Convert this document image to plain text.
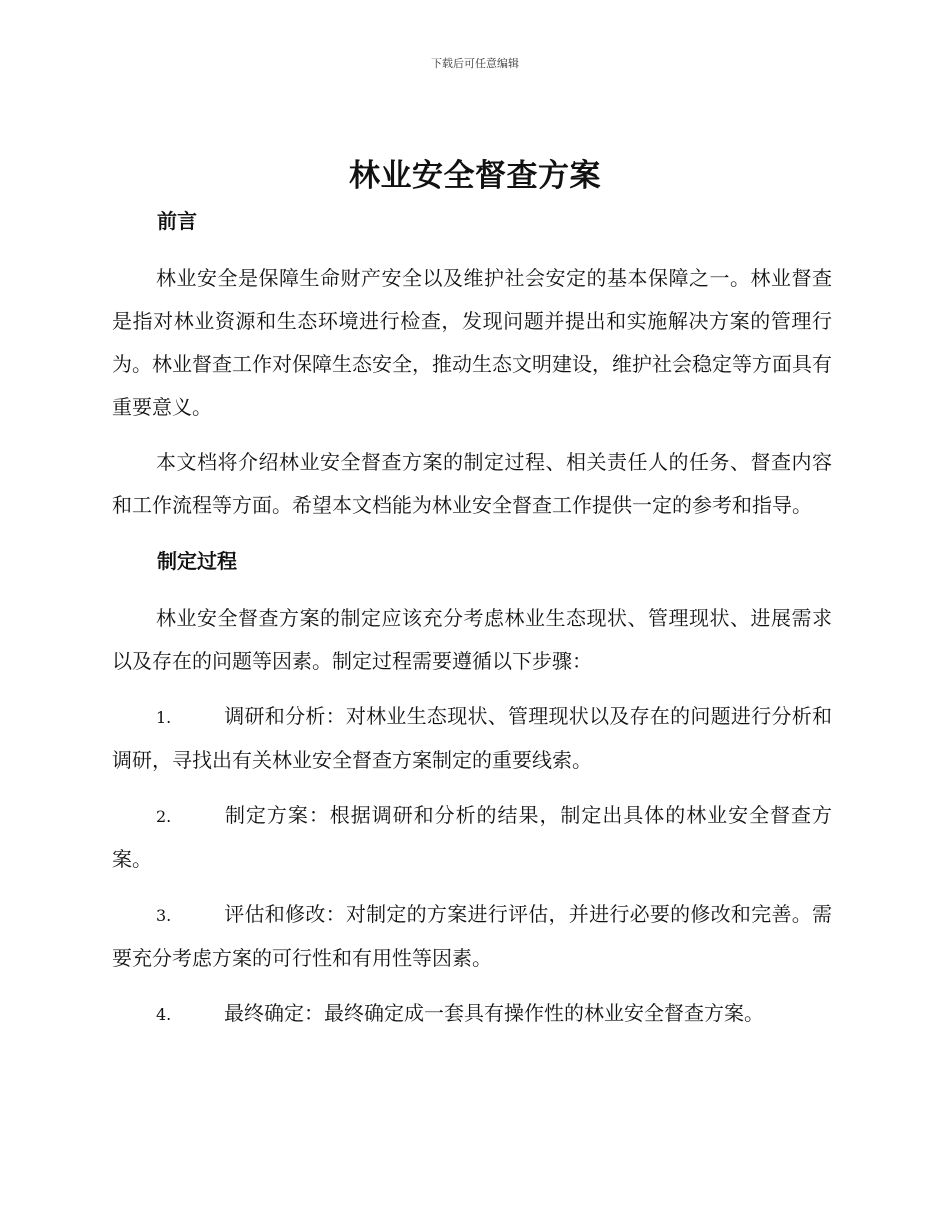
下载后可任意编辑
林业安全督查方案
前言

林业安全是保障生命财产安全以及维护社会安定的基本保障之一。林业督查是指对林业资源和生态环境进行检查，发现问题并提出和实施解决方案的管理行为。林业督查工作对保障生态安全，推动生态文明建设，维护社会稳定等方面具有重要意义。

本文档将介绍林业安全督查方案的制定过程、相关责任人的任务、督查内容和工作流程等方面。希望本文档能为林业安全督查工作提供一定的参考和指导。

制定过程

林业安全督查方案的制定应该充分考虑林业生态现状、管理现状、进展需求以及存在的问题等因素。制定过程需要遵循以下步骤：

1.	调研和分析：对林业生态现状、管理现状以及存在的问题进行分析和调研，寻找出有关林业安全督查方案制定的重要线索。

2.	制定方案：根据调研和分析的结果，制定出具体的林业安全督查方案。

3.	评估和修改：对制定的方案进行评估，并进行必要的修改和完善。需要充分考虑方案的可行性和有用性等因素。

4.	最终确定：最终确定成一套具有操作性的林业安全督查方案。
